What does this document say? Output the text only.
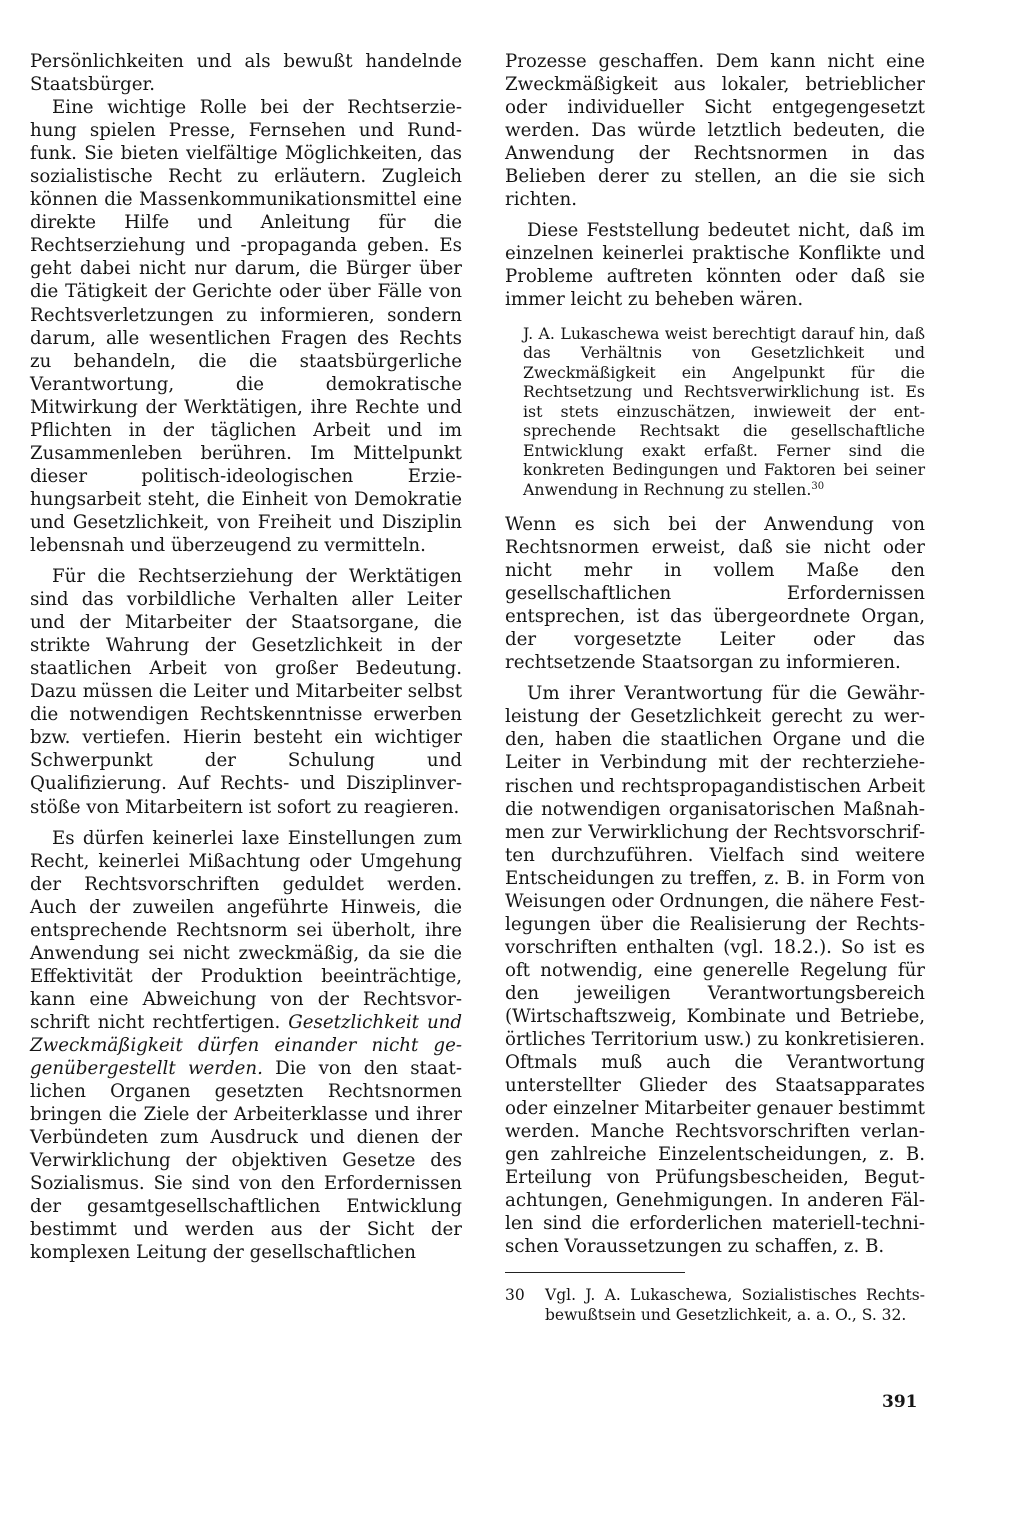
Persönlichkeiten und als bewußt handelnde Staatsbürger.

Eine wichtige Rolle bei der Rechtserziehung spielen Presse, Fernsehen und Rundfunk. Sie bieten vielfältige Möglichkeiten, das sozialistische Recht zu erläutern. Zugleich können die Massenkommunikationsmittel eine direkte Hilfe und Anleitung für die Rechtserziehung und -propaganda geben. Es geht dabei nicht nur darum, die Bürger über die Tätigkeit der Gerichte oder über Fälle von Rechtsverletzungen zu informieren, sondern darum, alle wesentlichen Fragen des Rechts zu behandeln, die die staatsbürgerliche Verantwortung, die demokratische Mitwirkung der Werktätigen, ihre Rechte und Pflichten in der täglichen Arbeit und im Zusammenleben berühren. Im Mittelpunkt dieser politisch-ideologischen Erziehungsarbeit steht, die Einheit von Demokratie und Gesetzlichkeit, von Freiheit und Disziplin lebensnah und überzeugend zu vermitteln.

Für die Rechtserziehung der Werktätigen sind das vorbildliche Verhalten aller Leiter und der Mitarbeiter der Staatsorgane, die strikte Wahrung der Gesetzlichkeit in der staatlichen Arbeit von großer Bedeutung. Dazu müssen die Leiter und Mitarbeiter selbst die notwendigen Rechtskenntnisse erwerben bzw. vertiefen. Hierin besteht ein wichtiger Schwerpunkt der Schulung und Qualifizierung. Auf Rechts- und Disziplinverstöße von Mitarbeitern ist sofort zu reagieren.

Es dürfen keinerlei laxe Einstellungen zum Recht, keinerlei Mißachtung oder Umgehung der Rechtsvorschriften geduldet werden. Auch der zuweilen angeführte Hinweis, die entsprechende Rechtsnorm sei überholt, ihre Anwendung sei nicht zweckmäßig, da sie die Effektivität der Produktion beeinträchtige, kann eine Abweichung von der Rechtsvorschrift nicht rechtfertigen. Gesetzlichkeit und Zweckmäßigkeit dürfen einander nicht gegenübergestellt werden. Die von den staatlichen Organen gesetzten Rechtsnormen bringen die Ziele der Arbeiterklasse und ihrer Verbündeten zum Ausdruck und dienen der Verwirklichung der objektiven Gesetze des Sozialismus. Sie sind von den Erfordernissen der gesamtgesellschaftlichen Entwicklung bestimmt und werden aus der Sicht der komplexen Leitung der gesellschaftlichen

Prozesse geschaffen. Dem kann nicht eine Zweckmäßigkeit aus lokaler, betrieblicher oder individueller Sicht entgegengesetzt werden. Das würde letztlich bedeuten, die Anwendung der Rechtsnormen in das Belieben derer zu stellen, an die sie sich richten.

Diese Feststellung bedeutet nicht, daß im einzelnen keinerlei praktische Konflikte und Probleme auftreten könnten oder daß sie immer leicht zu beheben wären.

J. A. Lukaschewa weist berechtigt darauf hin, daß das Verhältnis von Gesetzlichkeit und Zweckmäßigkeit ein Angelpunkt für die Rechtsetzung und Rechtsverwirklichung ist. Es ist stets einzuschätzen, inwieweit der entsprechende Rechtsakt die gesellschaftliche Entwicklung exakt erfaßt. Ferner sind die konkreten Bedingungen und Faktoren bei seiner Anwendung in Rechnung zu stellen.$^{30}$

Wenn es sich bei der Anwendung von Rechtsnormen erweist, daß sie nicht oder nicht mehr in vollem Maße den gesellschaftlichen Erfordernissen entsprechen, ist das übergeordnete Organ, der vorgesetzte Leiter oder das rechtsetzende Staatsorgan zu informieren.

Um ihrer Verantwortung für die Gewährleistung der Gesetzlichkeit gerecht zu werden, haben die staatlichen Organe und die Leiter in Verbindung mit der rechterzieherischen und rechtspropagandistischen Arbeit die notwendigen organisatorischen Maßnahmen zur Verwirklichung der Rechtsvorschriften durchzuführen. Vielfach sind weitere Entscheidungen zu treffen, z. B. in Form von Weisungen oder Ordnungen, die nähere Festlegungen über die Realisierung der Rechtsvorschriften enthalten (vgl. 18.2.). So ist es oft notwendig, eine generelle Regelung für den jeweiligen Verantwortungsbereich (Wirtschaftszweig, Kombinate und Betriebe, örtliches Territorium usw.) zu konkretisieren. Oftmals muß auch die Verantwortung unterstellter Glieder des Staatsapparates oder einzelner Mitarbeiter genauer bestimmt werden. Manche Rechtsvorschriften verlangen zahlreiche Einzelentscheidungen, z. B. Erteilung von Prüfungsbescheiden, Begutachtungen, Genehmigungen. In anderen Fällen sind die erforderlichen materiell-technischen Voraussetzungen zu schaffen, z. B.

30 Vgl. J. A. Lukaschewa, Sozialistisches Rechtsbewußtsein und Gesetzlichkeit, a. a. O., S. 32.
391
